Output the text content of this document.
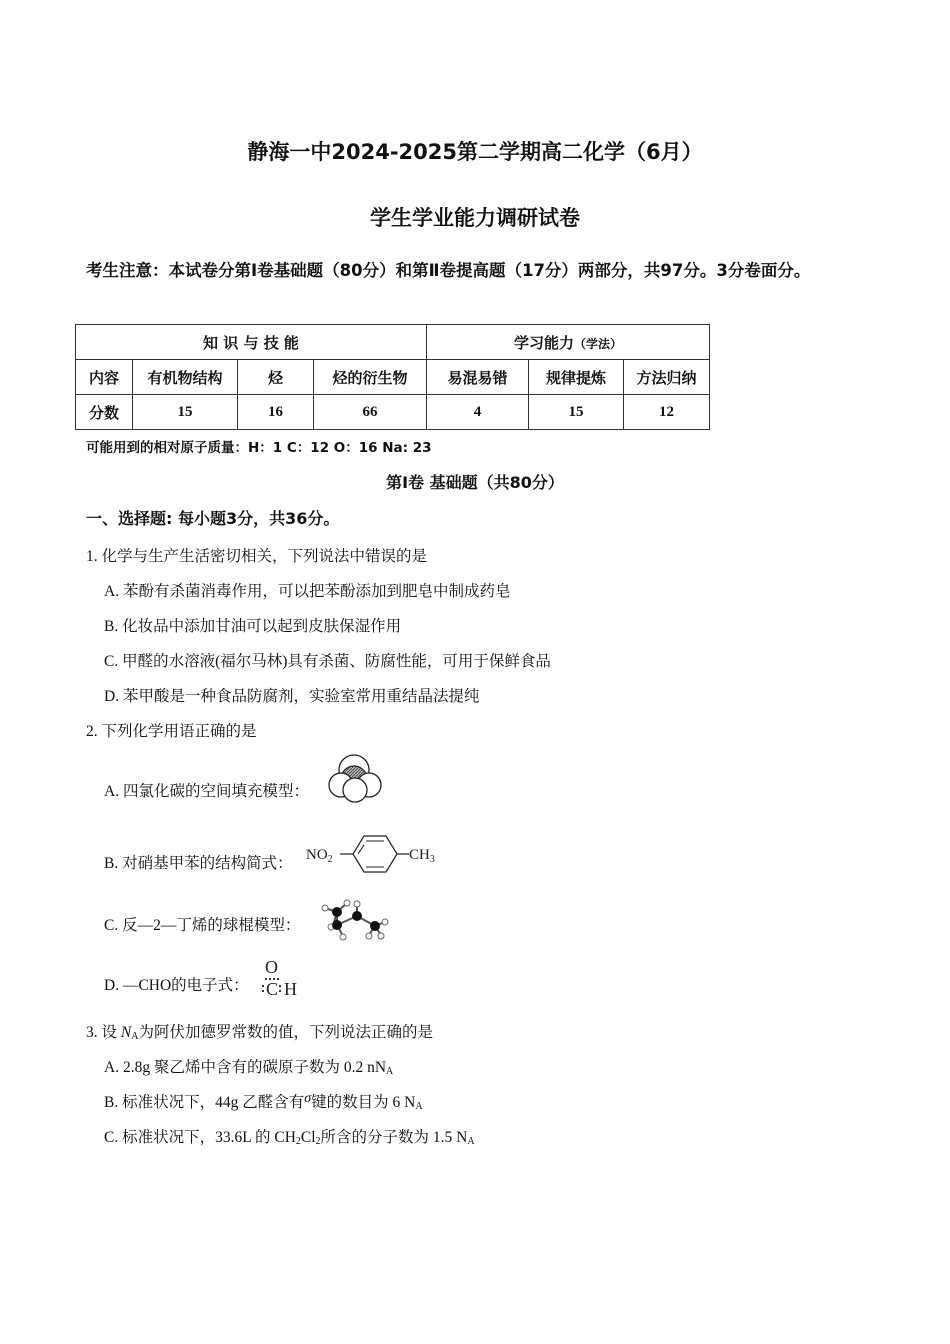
静海一中2024-2025第二学期高二化学（6月）
学生学业能力调研试卷
考生注意：本试卷分第Ⅰ卷基础题（80分）和第Ⅱ卷提高题（17分）两部分，共97分。3分卷面分。
知 识 与 技 能				学习能力（学法）		
内容	有机物结构	烃	烃的衍生物	易混易错	规律提炼	方法归纳
分数	15	16	66	4	15	12
可能用到的相对原子质量：H：1 C：12 O：16 Na: 23
第Ⅰ卷 基础题（共80分）
一、选择题: 每小题3分，共36分。
1. 化学与生产生活密切相关，下列说法中错误的是
A. 苯酚有杀菌消毒作用，可以把苯酚添加到肥皂中制成药皂
B. 化妆品中添加甘油可以起到皮肤保湿作用
C. 甲醛的水溶液(福尔马林)具有杀菌、防腐性能，可用于保鲜食品
D. 苯甲酸是一种食品防腐剂，实验室常用重结晶法提纯
2. 下列化学用语正确的是
A. 四氯化碳的空间填充模型：
B. 对硝基甲苯的结构简式： $NO_2$	$CH_3$
C. 反—2—丁烯的球棍模型：
D. —CHO的电子式：
O
C H
3. 设 $N_A$为阿伏加德罗常数的值，下列说法正确的是
A. 2.8g 聚乙烯中含有的碳原子数为 0.2 $nN_A$
B. 标准状况下，44g 乙醛含有σ键的数目为 6 $N_A$
C. 标准状况下，33.6L 的 $CH_2Cl_2$所含的分子数为 1.5 $N_A$
